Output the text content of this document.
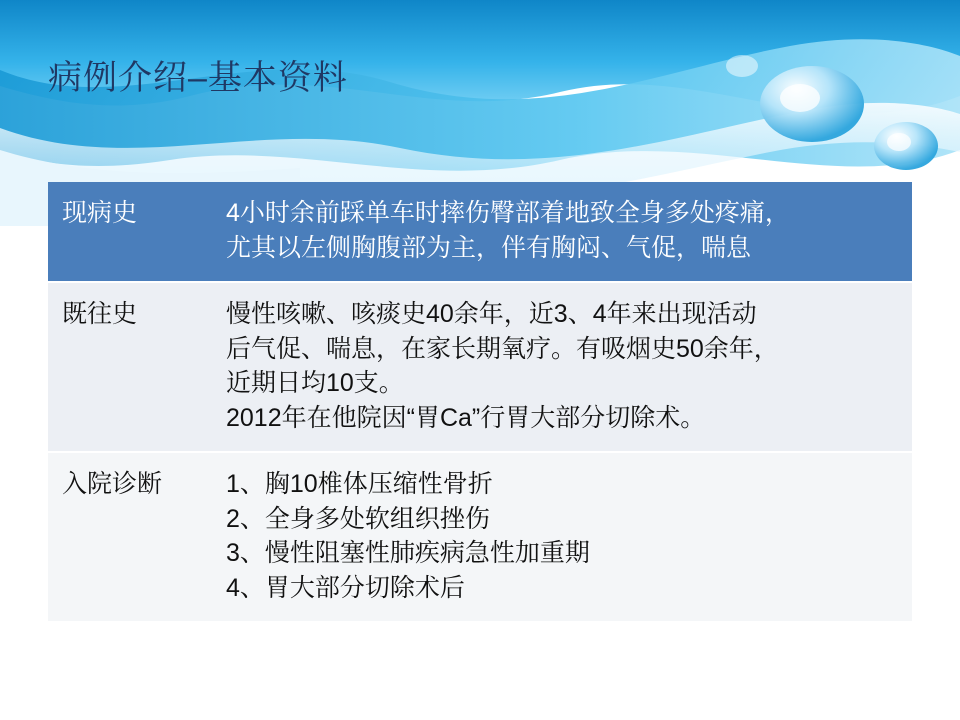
病例介绍–基本资料
现病史	4小时余前踩单车时摔伤臀部着地致全身多处疼痛，
尤其以左侧胸腹部为主，伴有胸闷、气促，喘息

既往史	慢性咳嗽、咳痰史40余年，近3、4年来出现活动
后气促、喘息，在家长期氧疗。有吸烟史50余年，
近期日均10支。
2012年在他院因“胃Ca”行胃大部分切除术。

入院诊断	1、胸10椎体压缩性骨折
2、全身多处软组织挫伤
3、慢性阻塞性肺疾病急性加重期
4、胃大部分切除术后
